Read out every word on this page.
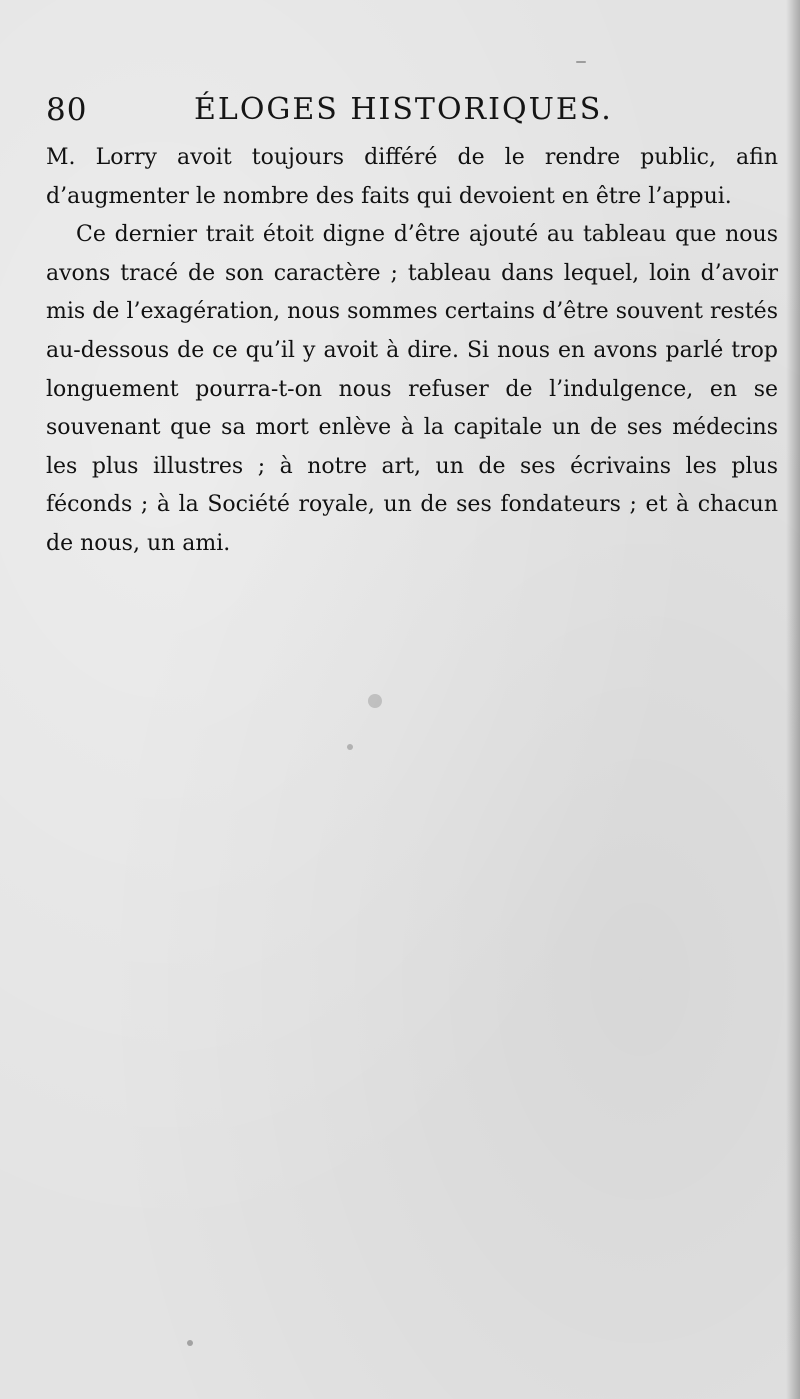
80	ÉLOGES HISTORIQUES.

M. Lorry avoit toujours différé de le rendre public, afin d’augmenter le nombre des faits qui devoient en être l’appui.

Ce dernier trait étoit digne d’être ajouté au tableau que nous avons tracé de son caractère ; tableau dans lequel, loin d’avoir mis de l’exagération, nous sommes certains d’être souvent restés au-dessous de ce qu’il y avoit à dire. Si nous en avons parlé trop longuement pourra-t-on nous refuser de l’indulgence, en se souvenant que sa mort enlève à la capitale un de ses médecins les plus illustres ; à notre art, un de ses écrivains les plus féconds ; à la Société royale, un de ses fondateurs ; et à chacun de nous, un ami.
